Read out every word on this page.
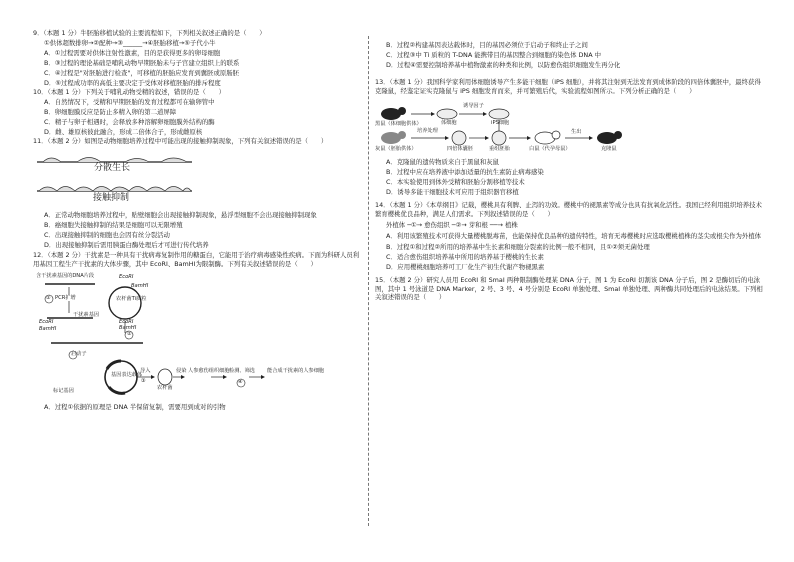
9．（本题 1 分）牛胚胎移植试验的主要流程如下，下列相关叙述正确的是（　　）

①供体超数排卵→②配种→③______→④胚胎移植→⑤子代小牛

A．①过程需要对供体注射性激素，目的是获得更多的卵母细胞

B．③过程的理论基础是哺乳动物早期胚胎未与子宫建立组织上的联系

C．④过程是"对胚胎进行检查"，可移植的胚胎应发育到囊胚或原肠胚

D．⑤过程成功率的高低主要决定于受体对移植胚胎的排斥程度

10．（本题 1 分）下列关于哺乳动物受精的叙述，错误的是（　　）

A．自然情况下，受精和早期胚胎的发育过程都可在输卵管中

B．卵细胞膜反应是防止多精入卵的第二道屏障

C．精子与卵子相遇时，会释放多种溶解卵细胞膜外结构的酶

D．雌、雄原核彼此融合，形成二倍体合子，形成雌原核

11．（本题 2 分）如图是动物细胞培养过程中可能出现的接触抑制现象，下列有关叙述错误的是（　　）

分散生长
接触抑制

A．正常动物细胞培养过程中，贴壁细胞会出现接触抑制现象，悬浮型细胞不会出现接触抑制现象

B．癌细胞失接触抑制的结果是细胞可以无限增殖

C．出现接触抑制的细胞也会因有丝分裂活动

D．出现接触抑制后需用胰蛋白酶处理后才可进行传代培养

12．（本题 2 分）干扰素是一种具有干扰病毒复制作用的糖蛋白，它能用于治疗病毒感染性疾病。下面为科研人员利用基因工程生产干扰素的大体步骤，其中 EcoRⅠ、BamHⅠ为限制酶。下列有关叙述错误的是（　　）

含干扰素基因的DNA片段
① PCR扩增
干扰素基因
EcoRⅠ
BamHⅠ
EcoRⅠ
BamHⅠ
农杆菌Ti质粒
②
EcoRⅠ
BamHⅠ
启动子
标记基因
基因表达载体
导入
③
农杆菌
侵染 人参愈伤组织细胞 检测、筛选
④
能合成干扰素的人参细胞

A．过程①依据的原理是 DNA 半保留复制，需要用到成对的引物

B．过程②构建基因表达载体时，目的基因必须位于启动子和终止子之间

C．过程③中 Ti 质粒的 T-DNA 能携带目的基因整合到细胞的染色体 DNA 中

D．过程④需要控制培养基中植物激素的种类和比例，以防愈伤组织细胞发生再分化

13．（本题 1 分）我国科学家利用体细胞诱导产生多能干细胞（iPS 细胞），并将其注射到无法发育到成体阶段的四倍体囊胚中，最终获得克隆鼠，经鉴定证实克隆鼠与 iPS 细胞发育而来，并可繁殖后代，实验流程如图所示。下列分析正确的是（　　）

黑鼠（体细胞供体）
灰鼠（胚胎供体）
体细胞
诱导因子
iPS细胞
培养处理
四倍体囊胚	重组胚胎	白鼠（代孕母鼠）
生出
克隆鼠

A．克隆鼠的遗传物质来自于黑鼠和灰鼠

B．过程中应在培养液中添加适量的抗生素防止病毒感染

C．本实验使用到体外受精和胚胎分割移植等技术

D．诱导多能干细胞技术可应用于组织器官移植

14．（本题 1 分）《本草纲目》记载，樱桃具有利脾、止泻的功效。樱桃中的褪黑素等成分也具有抗氧化活性。我国已经利用组织培养技术繁育樱桃优良品种，满足人们需求。下列叙述错误的是（　　）

外植体 ─①→ 愈伤组织 ─②→ 芽和根 ──→ 植株

A．利用该繁殖技术可获得大量樱桃脱毒苗，也能保持优良品种的遗传特性，培育无毒樱桃时应选取樱桃植株的茎尖或根尖作为外植体

B．过程①和过程②所用的培养基中生长素和细胞分裂素的比例一般不相同，且①②须无菌处理

C．适合愈伤组织培养基中所用的培养基于樱桃的生长素

D．应用樱桃细胞培养可工厂化生产初生代谢产物褪黑素

15．（本题 2 分）研究人员用 EcoRⅠ 和 SmaⅠ 两种限制酶处理某 DNA 分子，图 1 为 EcoRⅠ 切割该 DNA 分子后，图 2 是酶切后的电泳图，其中 1 号泳道是 DNA Marker，2 号、3 号、4 号分别是 EcoRⅠ 单独处理、SmaⅠ 单独处理、两种酶共同处理后的电泳结果。下列相关叙述错误的是（　　）
